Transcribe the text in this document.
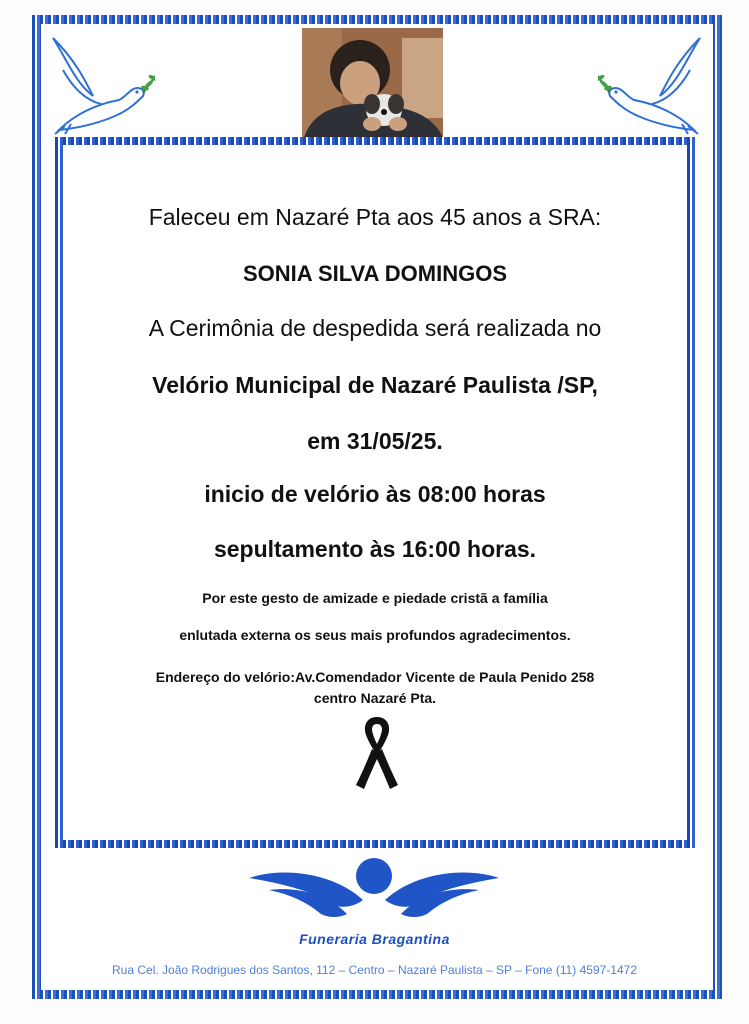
Faleceu em Nazaré Pta aos 45 anos a SRA:
SONIA SILVA DOMINGOS
A Cerimônia de despedida será realizada no
Velório Municipal de Nazaré Paulista /SP,
em 31/05/25.
inicio de velório às 08:00 horas
sepultamento às 16:00 horas.
Por este gesto de amizade e piedade cristã a família
enlutada externa os seus mais profundos agradecimentos.
Endereço do velório:Av.Comendador Vicente de Paula Penido 258
centro Nazaré Pta.
Funeraria Bragantina
Rua Cel. João Rodrigues dos Santos, 112 – Centro – Nazaré Paulista – SP – Fone (11) 4597-1472
